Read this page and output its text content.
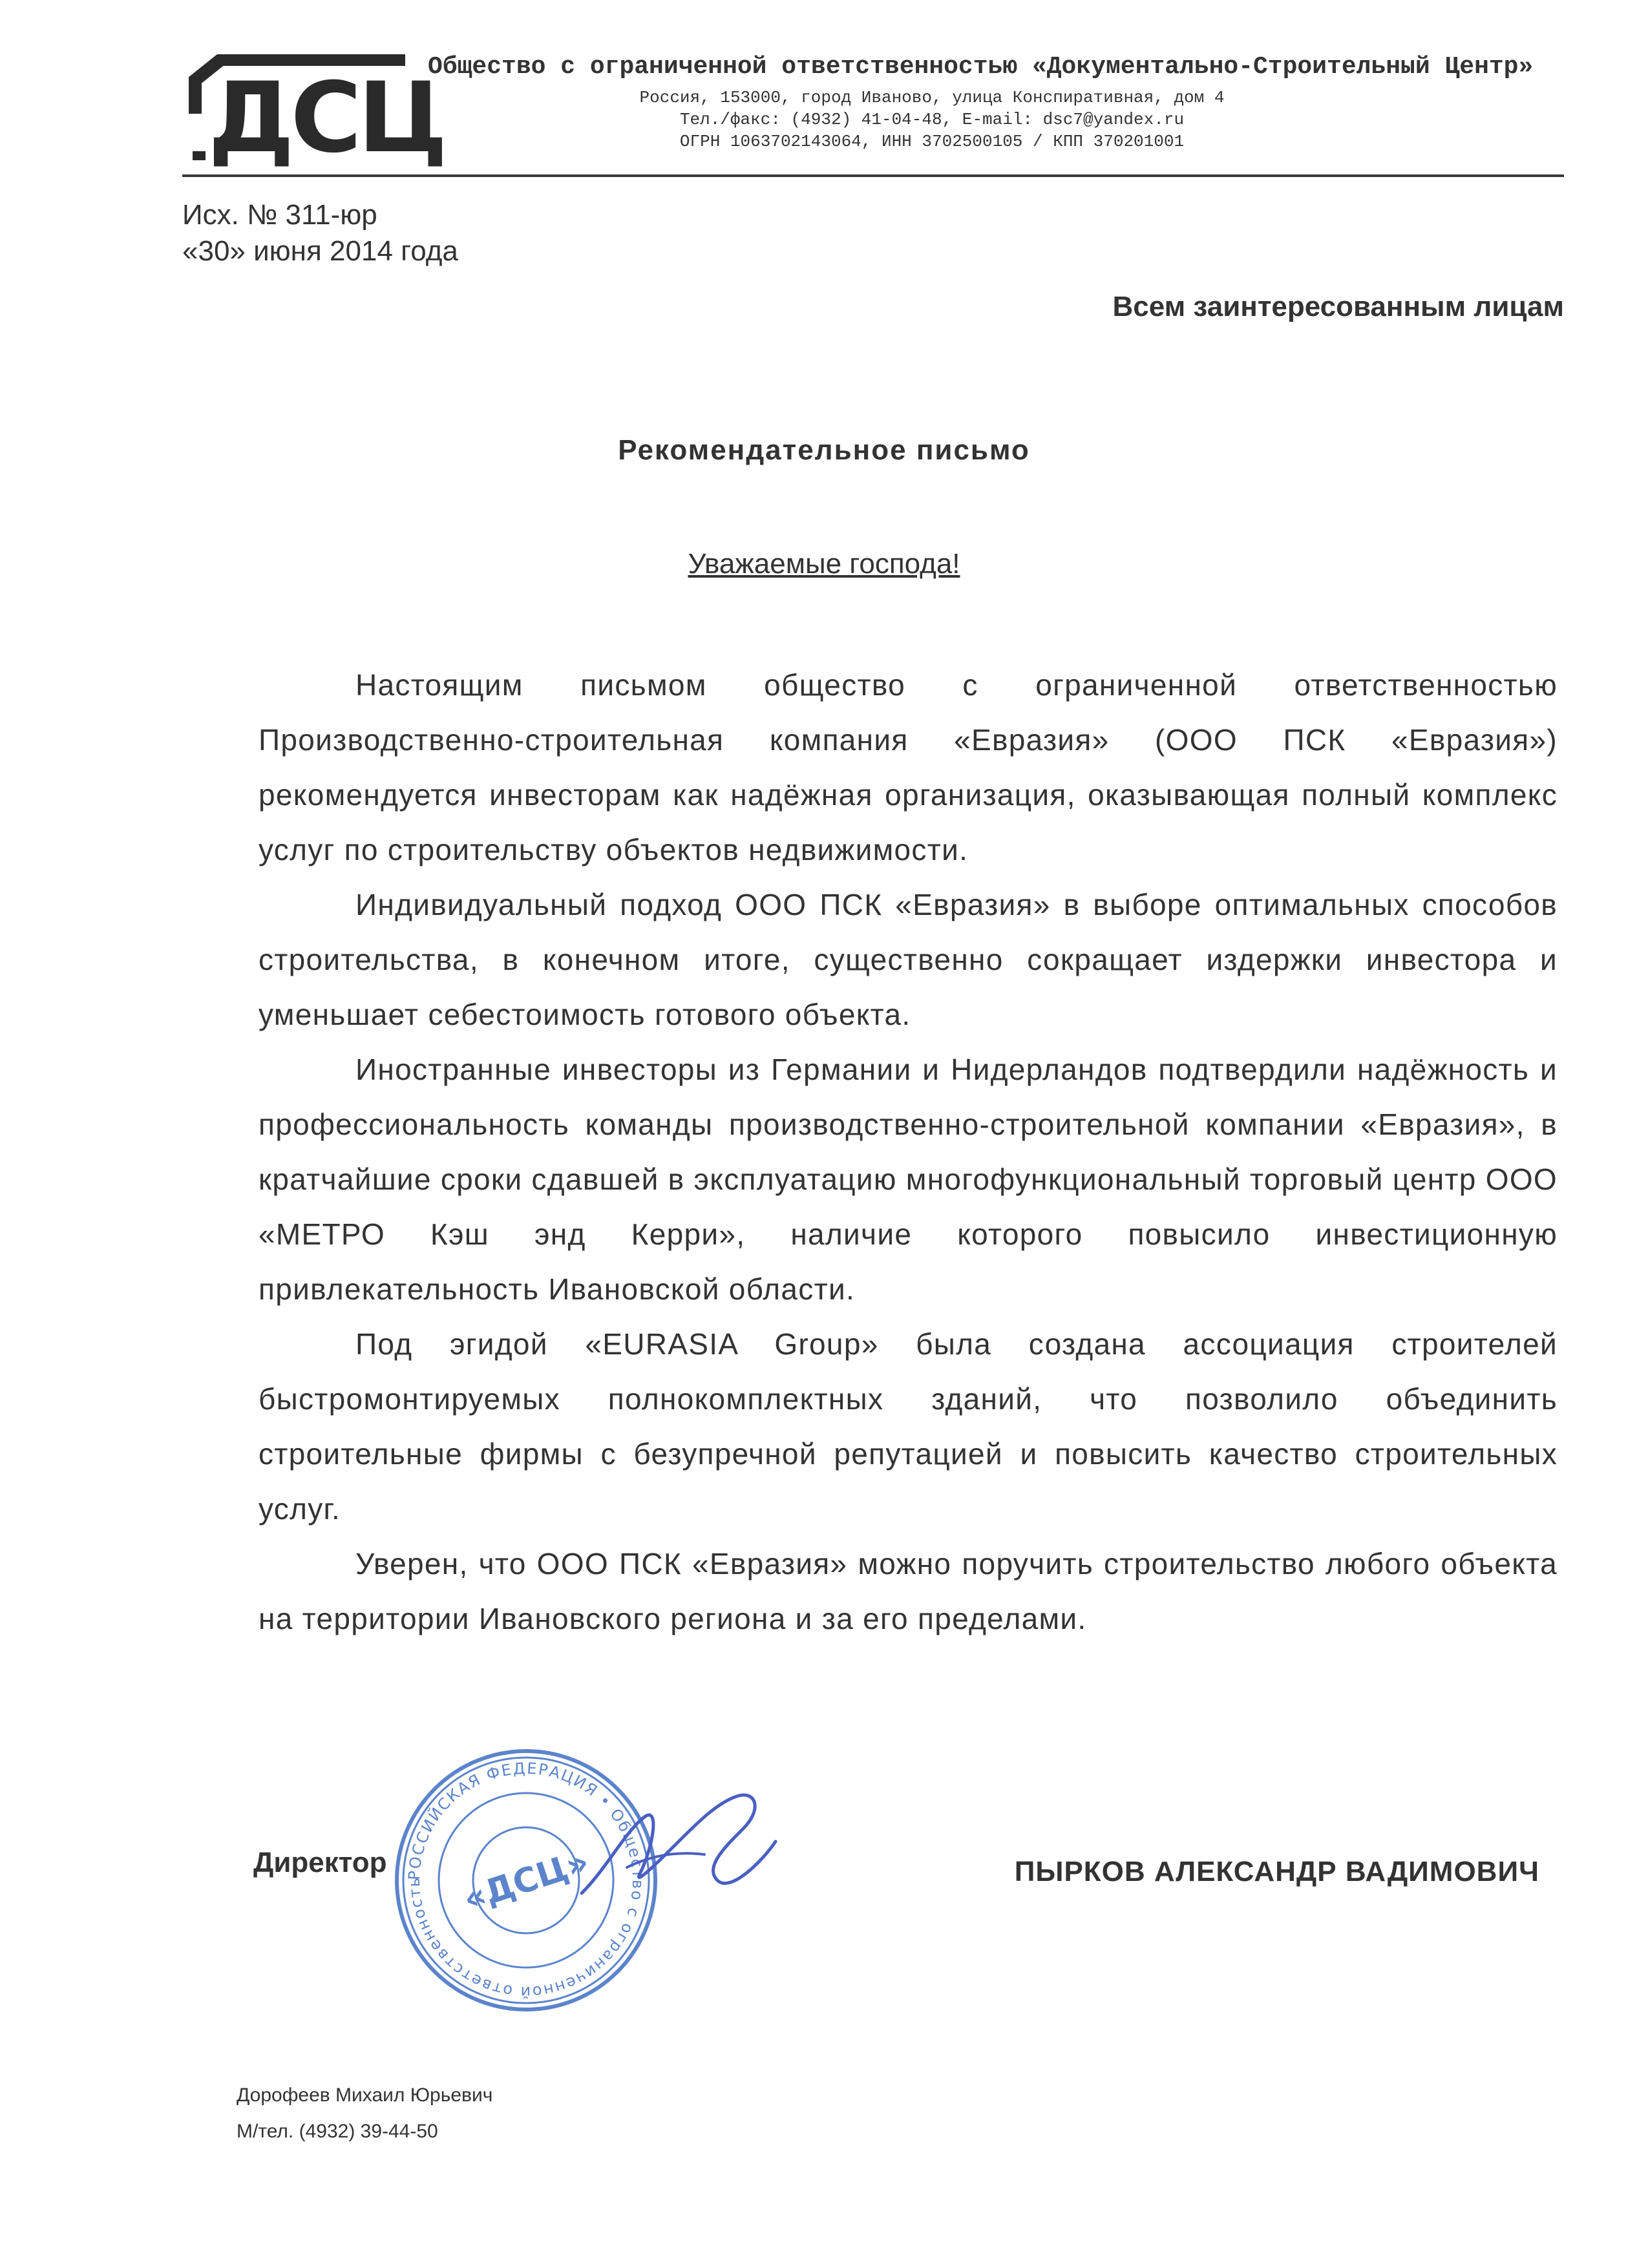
ДСЦ
Общество с ограниченной ответственностью «Документально-Строительный Центр»
Россия, 153000, город Иваново, улица Конспиративная, дом 4
Тел./факс: (4932) 41-04-48, E-mail: dsc7@yandex.ru
ОГРН 1063702143064, ИНН 3702500105 / КПП 370201001
Исх. № 311-юр
«30» июня 2014 года
Всем заинтересованным лицам
Рекомендательное письмо
Уважаемые господа!

Настоящим письмом общество с ограниченной ответственностью Производственно-строительная компания «Евразия» (ООО ПСК «Евразия») рекомендуется инвесторам как надёжная организация, оказывающая полный комплекс услуг по строительству объектов недвижимости.

Индивидуальный подход ООО ПСК «Евразия» в выборе оптимальных способов строительства, в конечном итоге, существенно сокращает издержки инвестора и уменьшает себестоимость готового объекта.

Иностранные инвесторы из Германии и Нидерландов подтвердили надёжность и профессиональность команды производственно-строительной компании «Евразия», в кратчайшие сроки сдавшей в эксплуатацию многофункциональный торговый центр ООО «МЕТРО Кэш энд Керри», наличие которого повысило инвестиционную привлекательность Ивановской области.

Под эгидой «EURASIA Group» была создана ассоциация строителей быстромонтируемых полнокомплектных зданий, что позволило объединить строительные фирмы с безупречной репутацией и повысить качество строительных услуг.

Уверен, что ООО ПСК «Евразия» можно поручить строительство любого объекта на территории Ивановского региона и за его пределами.

Директор	РОССИЙСКАЯ ФЕДЕРАЦИЯ • Общество с ограниченной ответственность	«ДСЦ»	ПЫРКОВ АЛЕКСАНДР ВАДИМОВИЧ
Дорофеев Михаил Юрьевич
М/тел. (4932) 39-44-50
